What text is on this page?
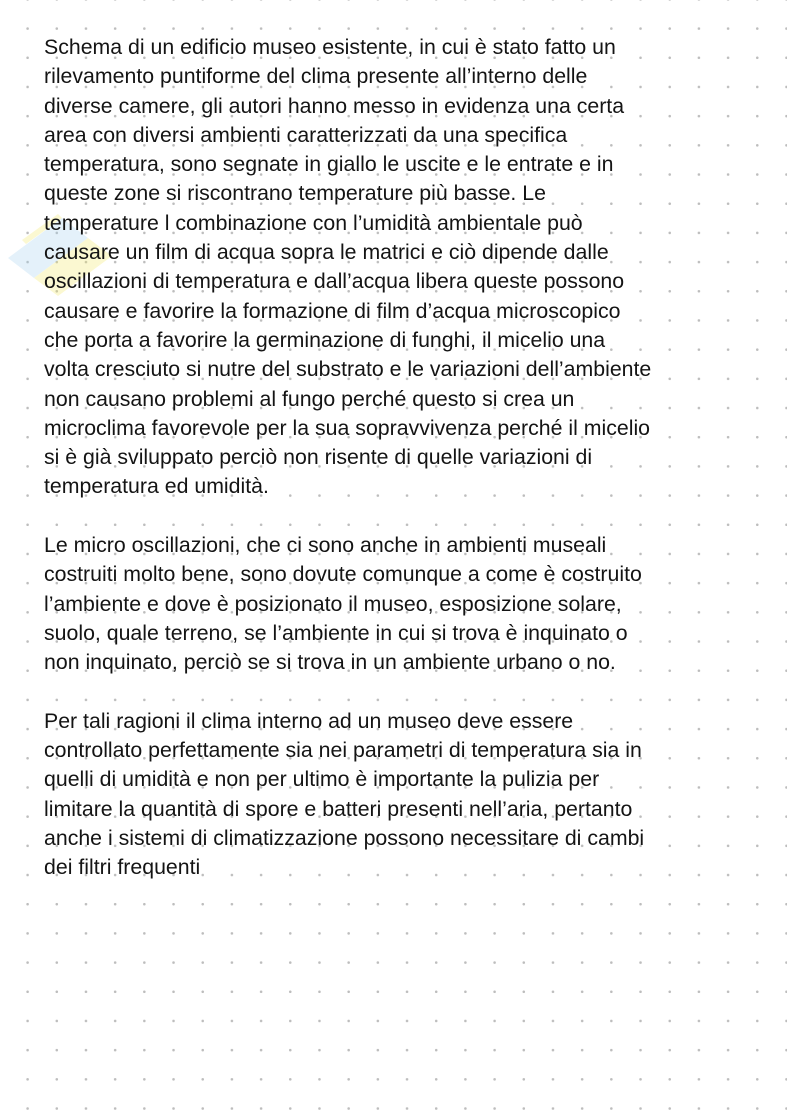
Schema di un edificio museo esistente, in cui è stato fatto un
rilevamento puntiforme del clima presente all’interno delle
diverse camere, gli autori hanno messo in evidenza una certa
area con diversi ambienti caratterizzati da una specifica
temperatura, sono segnate in giallo le uscite e le entrate e in
queste zone si riscontrano temperature più basse. Le
temperature l combinazione con l’umidità ambientale può
causare un film di acqua sopra le matrici e ciò dipende dalle
oscillazioni di temperatura e dall’acqua libera queste possono
causare e favorire la formazione di film d’acqua microscopico
che porta a favorire la germinazione di funghi, il micelio una
volta cresciuto si nutre del substrato e le variazioni dell’ambiente
non causano problemi al fungo perché questo si crea un
microclima favorevole per la sua sopravvivenza perché il micelio
si è già sviluppato perciò non risente di quelle variazioni di
temperatura ed umidità.

Le micro oscillazioni, che ci sono anche in ambienti museali
costruiti molto bene, sono dovute comunque a come è costruito
l’ambiente e dove è posizionato il museo, esposizione solare,
suolo, quale terreno, se l’ambiente in cui si trova è inquinato o
non inquinato, perciò se si trova in un ambiente urbano o no.

Per tali ragioni il clima interno ad un museo deve essere
controllato perfettamente sia nei parametri di temperatura sia in
quelli di umidità e non per ultimo è importante la pulizia per
limitare la quantità di spore e batteri presenti nell’aria, pertanto
anche i sistemi di climatizzazione possono necessitare di cambi
dei filtri frequenti
